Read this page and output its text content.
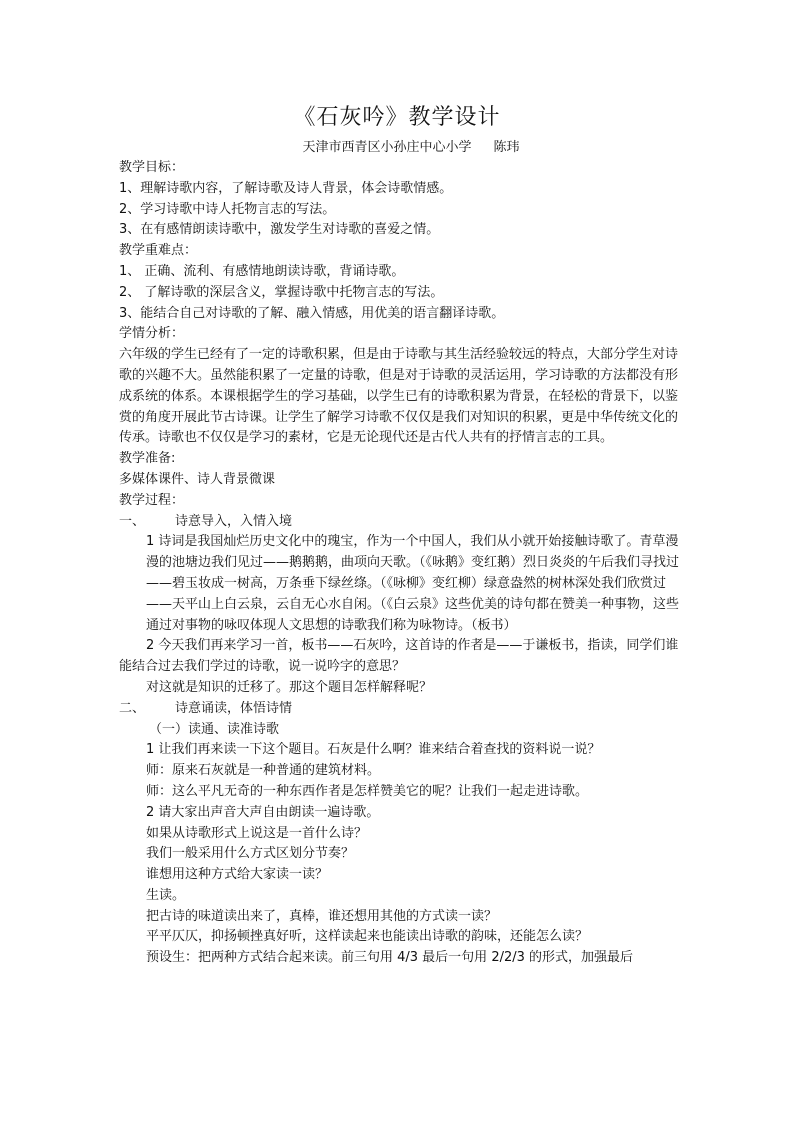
《石灰吟》教学设计
天津市西青区小孙庄中心小学 陈玮

教学目标：

1、理解诗歌内容，了解诗歌及诗人背景，体会诗歌情感。

2、学习诗歌中诗人托物言志的写法。

3、在有感情朗读诗歌中，激发学生对诗歌的喜爱之情。

教学重难点：

1、 正确、流利、有感情地朗读诗歌，背诵诗歌。

2、 了解诗歌的深层含义，掌握诗歌中托物言志的写法。

3、能结合自己对诗歌的了解、融入情感，用优美的语言翻译诗歌。

学情分析：

六年级的学生已经有了一定的诗歌积累，但是由于诗歌与其生活经验较远的特点，大部分学生对诗歌的兴趣不大。虽然能积累了一定量的诗歌，但是对于诗歌的灵活运用，学习诗歌的方法都没有形成系统的体系。本课根据学生的学习基础，以学生已有的诗歌积累为背景，在轻松的背景下，以鉴赏的角度开展此节古诗课。让学生了解学习诗歌不仅仅是我们对知识的积累，更是中华传统文化的传承。诗歌也不仅仅是学习的素材，它是无论现代还是古代人共有的抒情言志的工具。

教学准备:

多媒体课件、诗人背景微课

教学过程：

一、	诗意导入，入情入境

1 诗词是我国灿烂历史文化中的瑰宝，作为一个中国人，我们从小就开始接触诗歌了。青草漫漫的池塘边我们见过——鹅鹅鹅，曲项向天歌。（《咏鹅》变红鹅）烈日炎炎的午后我们寻找过——碧玉妆成一树高，万条垂下绿丝绦。（《咏柳》变红柳）绿意盎然的树林深处我们欣赏过——天平山上白云泉，云自无心水自闲。（《白云泉》这些优美的诗句都在赞美一种事物，这些通过对事物的咏叹体现人文思想的诗歌我们称为咏物诗。（板书）

2 今天我们再来学习一首，板书——石灰吟，这首诗的作者是——于谦板书，指读，同学们谁能结合过去我们学过的诗歌，说一说吟字的意思？

对这就是知识的迁移了。那这个题目怎样解释呢？

二、	诗意诵读，体悟诗情

（一）读通、读准诗歌

1 让我们再来读一下这个题目。石灰是什么啊？谁来结合着查找的资料说一说？

师：原来石灰就是一种普通的建筑材料。

师：这么平凡无奇的一种东西作者是怎样赞美它的呢？让我们一起走进诗歌。

2 请大家出声音大声自由朗读一遍诗歌。

如果从诗歌形式上说这是一首什么诗？

我们一般采用什么方式区划分节奏？

谁想用这种方式给大家读一读？

生读。

把古诗的味道读出来了，真棒，谁还想用其他的方式读一读？

平平仄仄，抑扬顿挫真好听，这样读起来也能读出诗歌的韵味，还能怎么读？

预设生：把两种方式结合起来读。前三句用 4/3 最后一句用 2/2/3 的形式，加强最后
